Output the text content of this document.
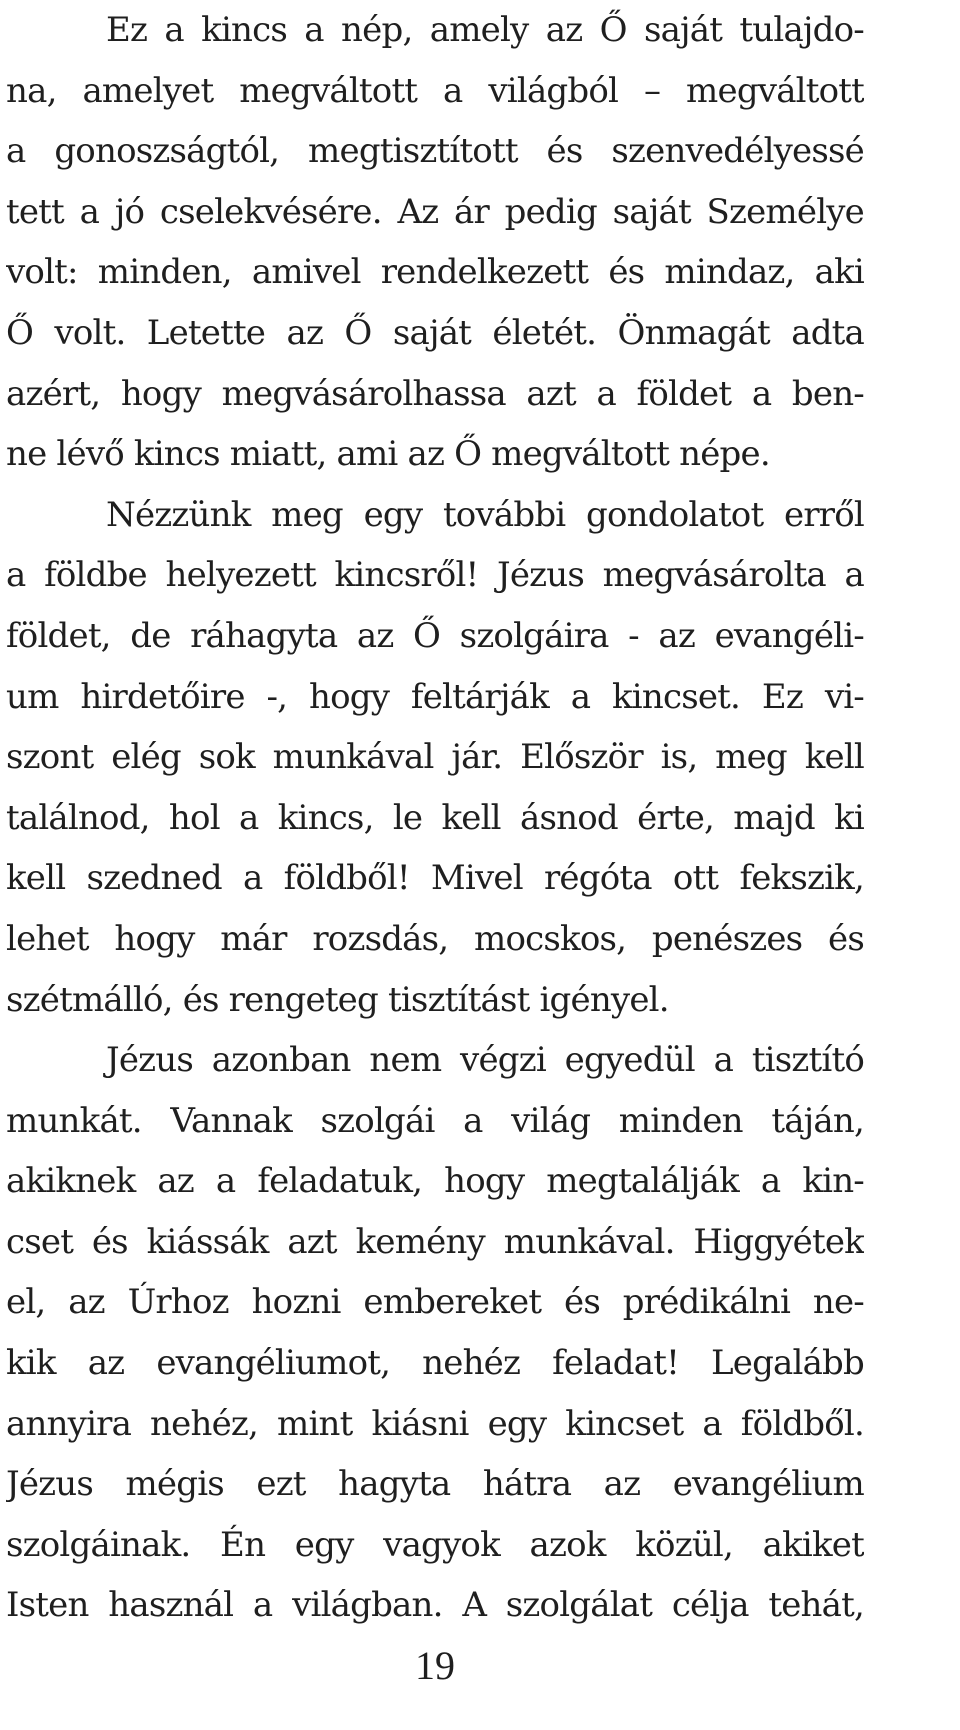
Ez a kincs a nép, amely az Ő saját tulajdo-
na, amelyet megváltott a világból – megváltott
a gonoszságtól, megtisztított és szenvedélyessé
tett a jó cselekvésére. Az ár pedig saját Személye
volt: minden, amivel rendelkezett és mindaz, aki
Ő volt. Letette az Ő saját életét. Önmagát adta
azért, hogy megvásárolhassa azt a földet a ben-
ne lévő kincs miatt, ami az Ő megváltott népe.
Nézzünk meg egy további gondolatot erről
a földbe helyezett kincsről! Jézus megvásárolta a
földet, de ráhagyta az Ő szolgáira - az evangéli-
um hirdetőire -, hogy feltárják a kincset. Ez vi-
szont elég sok munkával jár. Először is, meg kell
találnod, hol a kincs, le kell ásnod érte, majd ki
kell szedned a földből! Mivel régóta ott fekszik,
lehet hogy már rozsdás, mocskos, penészes és
szétmálló, és rengeteg tisztítást igényel.
Jézus azonban nem végzi egyedül a tisztító
munkát. Vannak szolgái a világ minden táján,
akiknek az a feladatuk, hogy megtalálják a kin-
cset és kiássák azt kemény munkával. Higgyétek
el, az Úrhoz hozni embereket és prédikálni ne-
kik az evangéliumot, nehéz feladat! Legalább
annyira nehéz, mint kiásni egy kincset a földből.
Jézus mégis ezt hagyta hátra az evangélium
szolgáinak. Én egy vagyok azok közül, akiket
Isten használ a világban. A szolgálat célja tehát,
19
